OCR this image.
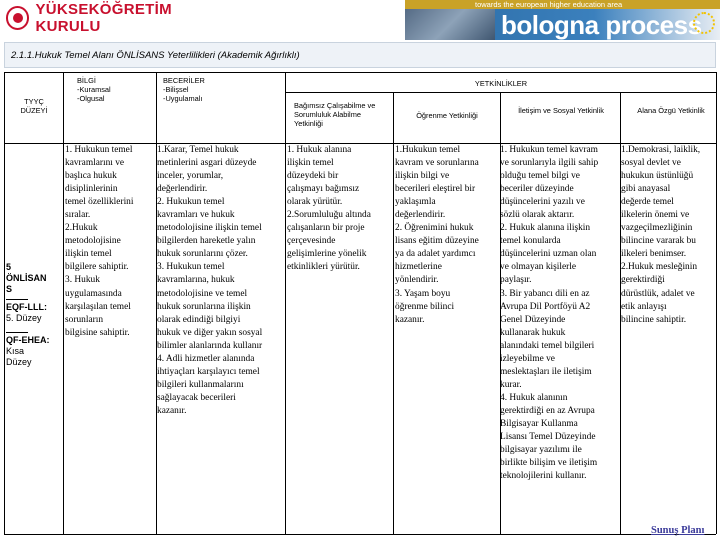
YÜKSEKÖĞRETİM KURULU
towards the european higher education area
bologna process
2.1.1.Hukuk Temel Alanı ÖNLİSANS Yeterlilikleri (Akademik Ağırlıklı)
TYYÇ
DÜZEYİ
BİLGİ
-Kuramsal
-Olgusal
BECERİLER
-Bilişsel
-Uygulamalı
YETKİNLİKLER
Bağımsız Çalışabilme ve Sorumluluk Alabilme Yetkinliği
Öğrenme Yetkinliği
İletişim ve Sosyal Yetkinlik	Alana Özgü Yetkinlik
5
ÖNLİSAN
S
EQF-LLL:
5. Düzey
QF-EHEA:
Kısa
Düzey
1. Hukukun temel
kavramlarını ve
başlıca hukuk
disiplinlerinin
temel özelliklerini
sıralar.
2.Hukuk
metodolojisine
ilişkin temel
bilgilere sahiptir.
3. Hukuk
uygulamasında
karşılaşılan temel
sorunların
bilgisine sahiptir.
1.Karar, Temel hukuk
metinlerini asgari düzeyde
inceler, yorumlar,
değerlendirir.
2. Hukukun temel
kavramları ve hukuk
metodolojisine ilişkin temel
bilgilerden hareketle yalın
hukuk sorunlarını çözer.
3. Hukukun temel
kavramlarına, hukuk
metodolojisine ve temel
hukuk sorunlarına ilişkin
olarak edindiği bilgiyi
hukuk ve diğer yakın sosyal
bilimler alanlarında kullanır
4. Adli hizmetler alanında
ihtiyaçları karşılayıcı temel
bilgileri kullanmalarını
sağlayacak becerileri
kazanır.
1. Hukuk alanına
ilişkin temel
düzeydeki bir
çalışmayı bağımsız
olarak yürütür.
2.Sorumluluğu altında
çalışanların bir proje
çerçevesinde
gelişimlerine yönelik
etkinlikleri yürütür.
1.Hukukun temel
kavram ve sorunlarına
ilişkin bilgi ve
becerileri eleştirel bir
yaklaşımla
değerlendirir.
2. Öğrenimini hukuk
lisans eğitim düzeyine
ya da adalet yardımcı
hizmetlerine
yönlendirir.
3. Yaşam boyu
öğrenme bilinci
kazanır.
1. Hukukun temel kavram
ve sorunlarıyla ilgili sahip
olduğu temel bilgi ve
beceriler düzeyinde
düşüncelerini yazılı ve
sözlü olarak aktarır.
2. Hukuk alanına ilişkin
temel konularda
düşüncelerini uzman olan
ve olmayan kişilerle
paylaşır.
3. Bir yabancı dili en az
Avrupa Dil Portföyü A2
Genel Düzeyinde
kullanarak hukuk
alanındaki temel bilgileri
izleyebilme ve
meslektaşları ile iletişim
kurar.
4. Hukuk alanının
gerektirdiği en az Avrupa
Bilgisayar Kullanma
Lisansı Temel Düzeyinde
bilgisayar yazılımı ile
birlikte bilişim ve iletişim
teknolojilerini kullanır.
1.Demokrasi, laiklik,
sosyal devlet ve
hukukun üstünlüğü
gibi anayasal
değerde temel
ilkelerin önemi ve
vazgeçilmezliğinin
bilincine vararak bu
ilkeleri benimser.
2.Hukuk mesleğinin
gerektirdiği
dürüstlük, adalet ve
etik anlayışı
bilincine sahiptir.
Sunuş Planı
